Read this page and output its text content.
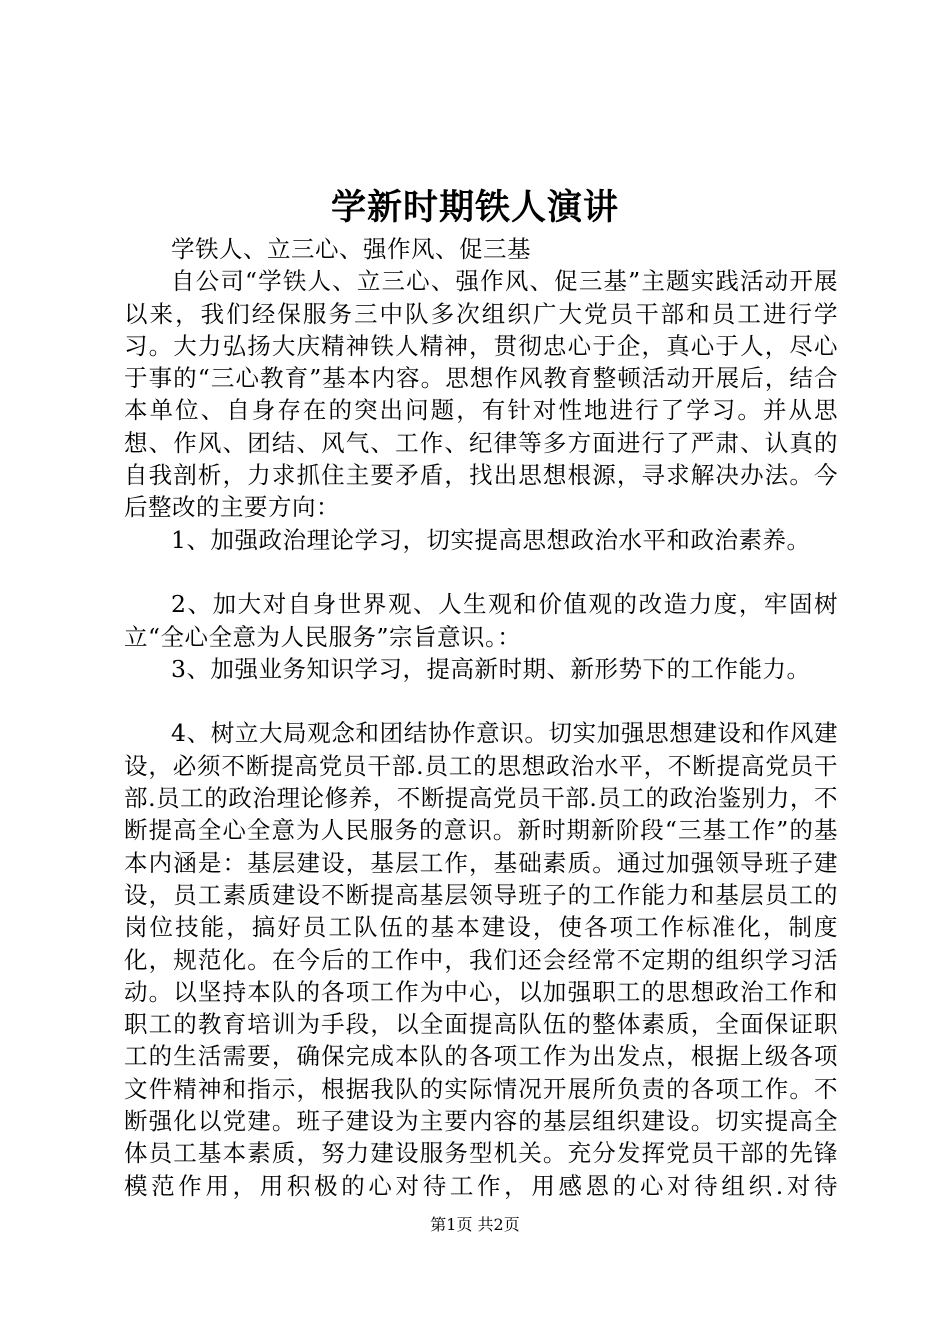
学新时期铁人演讲

学铁人、立三心、强作风、促三基

自公司“学铁人、立三心、强作风、促三基”主题实践活动开展以来，我们经保服务三中队多次组织广大党员干部和员工进行学习。大力弘扬大庆精神铁人精神，贯彻忠心于企，真心于人，尽心于事的“三心教育”基本内容。思想作风教育整顿活动开展后，结合本单位、自身存在的突出问题，有针对性地进行了学习。并从思想、作风、团结、风气、工作、纪律等多方面进行了严肃、认真的自我剖析，力求抓住主要矛盾，找出思想根源，寻求解决办法。今后整改的主要方向：

1、加强政治理论学习，切实提高思想政治水平和政治素养。

2、加大对自身世界观、人生观和价值观的改造力度，牢固树立“全心全意为人民服务”宗旨意识。：

3、加强业务知识学习，提高新时期、新形势下的工作能力。

4、树立大局观念和团结协作意识。切实加强思想建设和作风建设，必须不断提高党员干部.员工的思想政治水平，不断提高党员干部.员工的政治理论修养，不断提高党员干部.员工的政治鉴别力，不断提高全心全意为人民服务的意识。新时期新阶段“三基工作”的基本内涵是：基层建设，基层工作，基础素质。通过加强领导班子建设，员工素质建设不断提高基层领导班子的工作能力和基层员工的岗位技能，搞好员工队伍的基本建设，使各项工作标准化，制度化，规范化。在今后的工作中，我们还会经常不定期的组织学习活动。以坚持本队的各项工作为中心，以加强职工的思想政治工作和职工的教育培训为手段，以全面提高队伍的整体素质，全面保证职工的生活需要，确保完成本队的各项工作为出发点，根据上级各项文件精神和指示，根据我队的实际情况开展所负责的各项工作。不断强化以党建。班子建设为主要内容的基层组织建设。切实提高全体员工基本素质，努力建设服务型机关。充分发挥党员干部的先锋模范作用，用积极的心对待工作，用感恩的心对待组织.对待

第1页 共2页
